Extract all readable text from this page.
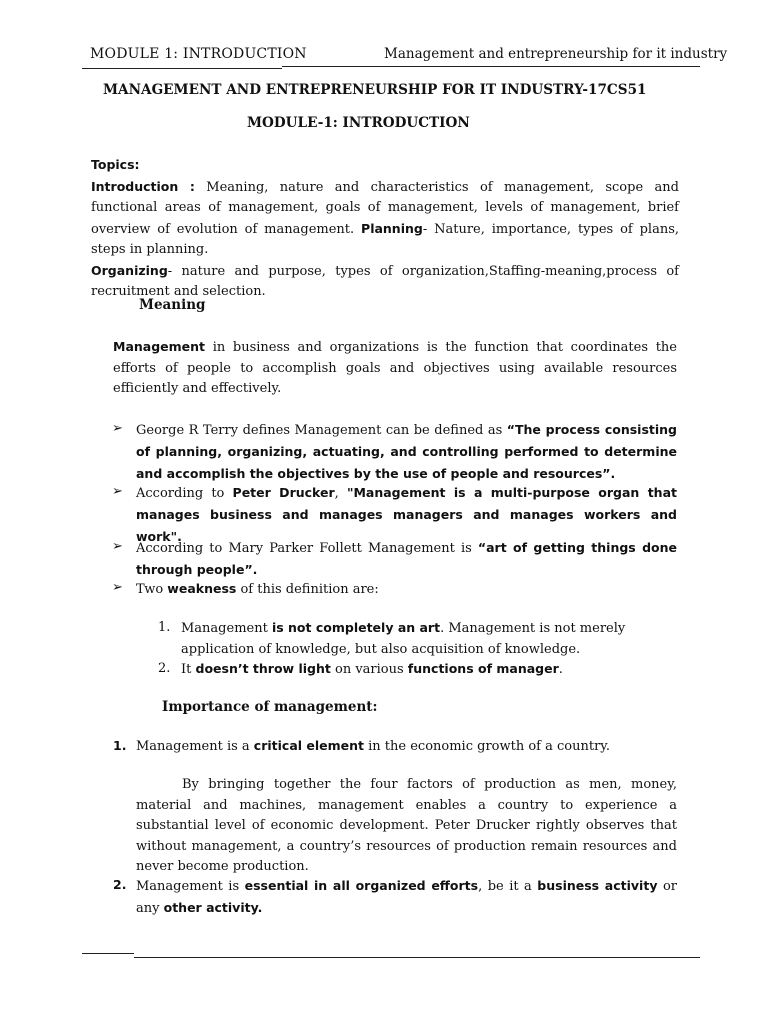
MODULE 1: INTRODUCTION	Management and entrepreneurship for it industry
MANAGEMENT AND ENTREPRENEURSHIP FOR IT INDUSTRY-17CS51
MODULE-1: INTRODUCTION
Topics:
Introduction : Meaning, nature and characteristics of management, scope and functional areas of management, goals of management, levels of management, brief overview of evolution of management. Planning- Nature, importance, types of plans, steps in planning.
Organizing- nature and purpose, types of organization,Staffing-meaning,process of recruitment and selection.
Meaning
Management in business and organizations is the function that coordinates the efforts of people to accomplish goals and objectives using available resources efficiently and effectively.
➢	George R Terry defines Management can be defined as “The process consisting of planning, organizing, actuating, and controlling performed to determine and accomplish the objectives by the use of people and resources”.
➢	According to Peter Drucker, "Management is a multi-purpose organ that manages business and manages managers and manages workers and work".
➢	According to Mary Parker Follett Management is “art of getting things done through people”.
➢	Two weakness of this definition are:
1. Management is not completely an art. Management is not merely application of knowledge, but also acquisition of knowledge.
2. It doesn’t throw light on various functions of manager.
Importance of management:
1. Management is a critical element in the economic growth of a country.
By bringing together the four factors of production as men, money, material and machines, management enables a country to experience a substantial level of economic development. Peter Drucker rightly observes that without management, a country’s resources of production remain resources and never become production.
2. Management is essential in all organized efforts, be it a business activity or any other activity.
